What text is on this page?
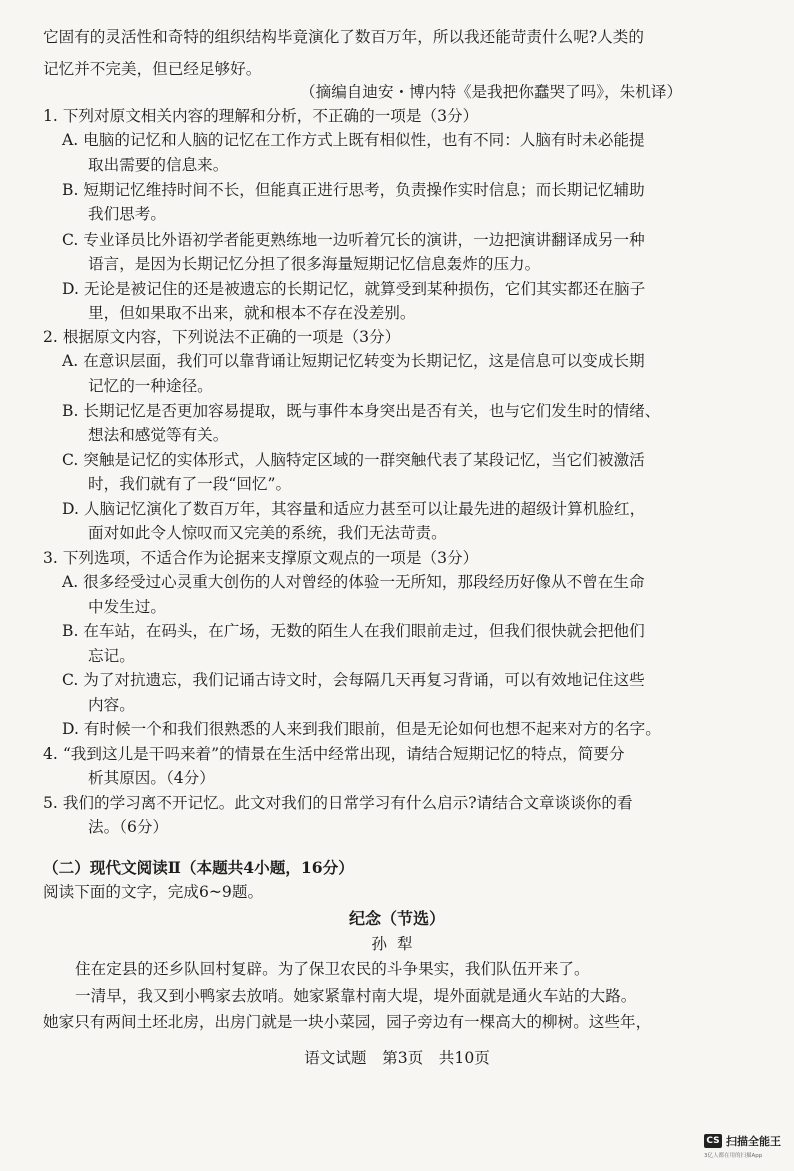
它固有的灵活性和奇特的组织结构毕竟演化了数百万年，所以我还能苛责什么呢?人类的
记忆并不完美，但已经足够好。
（摘编自迪安・博内特《是我把你蠢哭了吗》，朱机译）
1. 下列对原文相关内容的理解和分析，不正确的一项是（3分）
A. 电脑的记忆和人脑的记忆在工作方式上既有相似性，也有不同：人脑有时未必能提
取出需要的信息来。
B. 短期记忆维持时间不长，但能真正进行思考，负责操作实时信息；而长期记忆辅助
我们思考。
C. 专业译员比外语初学者能更熟练地一边听着冗长的演讲，一边把演讲翻译成另一种
语言，是因为长期记忆分担了很多海量短期记忆信息轰炸的压力。
D. 无论是被记住的还是被遗忘的长期记忆，就算受到某种损伤，它们其实都还在脑子
里，但如果取不出来，就和根本不存在没差别。
2. 根据原文内容，下列说法不正确的一项是（3分）
A. 在意识层面，我们可以靠背诵让短期记忆转变为长期记忆，这是信息可以变成长期
记忆的一种途径。
B. 长期记忆是否更加容易提取，既与事件本身突出是否有关，也与它们发生时的情绪、
想法和感觉等有关。
C. 突触是记忆的实体形式，人脑特定区域的一群突触代表了某段记忆，当它们被激活
时，我们就有了一段“回忆”。
D. 人脑记忆演化了数百万年，其容量和适应力甚至可以让最先进的超级计算机脸红，
面对如此令人惊叹而又完美的系统，我们无法苛责。
3. 下列选项，不适合作为论据来支撑原文观点的一项是（3分）
A. 很多经受过心灵重大创伤的人对曾经的体验一无所知，那段经历好像从不曾在生命
中发生过。
B. 在车站，在码头，在广场，无数的陌生人在我们眼前走过，但我们很快就会把他们
忘记。
C. 为了对抗遗忘，我们记诵古诗文时，会每隔几天再复习背诵，可以有效地记住这些
内容。
D. 有时候一个和我们很熟悉的人来到我们眼前，但是无论如何也想不起来对方的名字。
4. “我到这儿是干吗来着”的情景在生活中经常出现，请结合短期记忆的特点，简要分
析其原因。（4分）
5. 我们的学习离不开记忆。此文对我们的日常学习有什么启示?请结合文章谈谈你的看
法。（6分）
（二）现代文阅读Ⅱ（本题共4小题，16分）
阅读下面的文字，完成6~9题。
纪念（节选）
孙犁
住在定县的还乡队回村复辟。为了保卫农民的斗争果实，我们队伍开来了。
一清早，我又到小鸭家去放哨。她家紧靠村南大堤，堤外面就是通火车站的大路。
她家只有两间土坯北房，出房门就是一块小菜园，园子旁边有一棵高大的柳树。这些年，
语文试题　第3页　共10页
CS 扫描全能王
3亿人都在用的扫描App
